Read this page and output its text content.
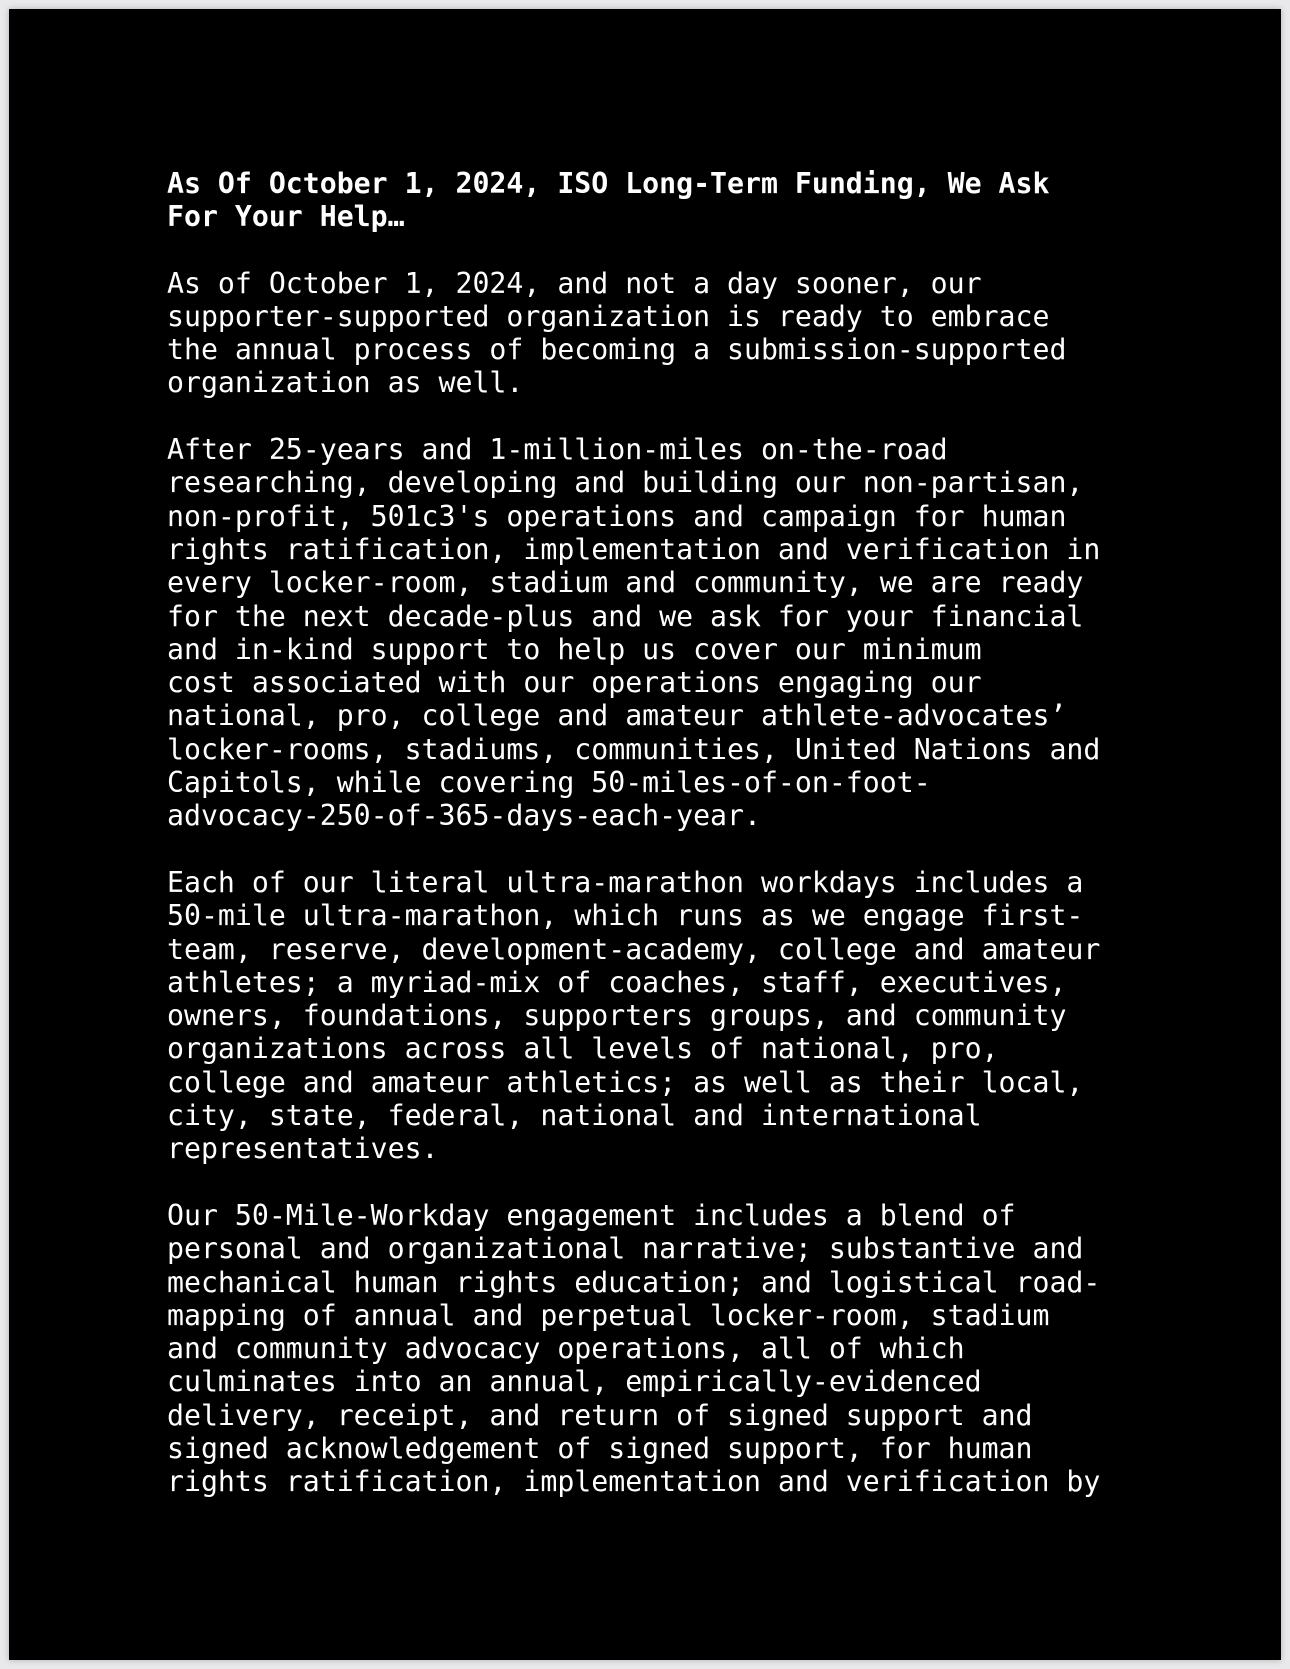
As Of October 1, 2024, ISO Long-Term Funding, We Ask
For Your Help…
As of October 1, 2024, and not a day sooner, our
supporter-supported organization is ready to embrace
the annual process of becoming a submission-supported
organization as well.
After 25-years and 1-million-miles on-the-road
researching, developing and building our non-partisan,
non-profit, 501c3's operations and campaign for human
rights ratification, implementation and verification in
every locker-room, stadium and community, we are ready
for the next decade-plus and we ask for your financial
and in-kind support to help us cover our minimum
cost associated with our operations engaging our
national, pro, college and amateur athlete-advocates’
locker-rooms, stadiums, communities, United Nations and
Capitols, while covering 50-miles-of-on-foot-
advocacy-250-of-365-days-each-year.
Each of our literal ultra-marathon workdays includes a
50-mile ultra-marathon, which runs as we engage first-
team, reserve, development-academy, college and amateur
athletes; a myriad-mix of coaches, staff, executives,
owners, foundations, supporters groups, and community
organizations across all levels of national, pro,
college and amateur athletics; as well as their local,
city, state, federal, national and international
representatives.
Our 50-Mile-Workday engagement includes a blend of
personal and organizational narrative; substantive and
mechanical human rights education; and logistical road-
mapping of annual and perpetual locker-room, stadium
and community advocacy operations, all of which
culminates into an annual, empirically-evidenced
delivery, receipt, and return of signed support and
signed acknowledgement of signed support, for human
rights ratification, implementation and verification by
